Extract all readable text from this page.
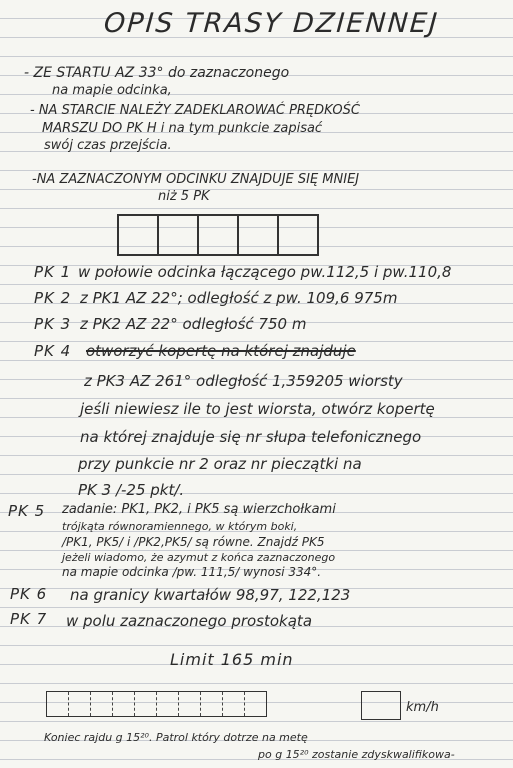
OPIS TRASY DZIENNEJ
- ZE STARTU AZ 33° do zaznaczonego
na mapie odcinka,
- NA STARCIE NALEŻY ZADEKLAROWAĆ PRĘDKOŚĆ
MARSZU DO PK H i na tym punkcie zapisać
swój czas przejścia.
-NA ZAZNACZONYM ODCINKU ZNAJDUJE SIĘ MNIEJ
niż 5 PK
PK 1 w połowie odcinka łączącego pw.112,5 i pw.110,8
PK 2 z PK1 AZ 22°; odległość z pw. 109,6 975m
PK 3 z PK2 AZ 22° odległość 750 m
PK 4 otworzyć kopertę na której znajduje
z PK3 AZ 261° odległość 1,359205 wiorsty
jeśli niewiesz ile to jest wiorsta, otwórz kopertę
na której znajduje się nr słupa telefonicznego
przy punkcie nr 2 oraz nr pieczątki na
PK 3 /-25 pkt/.
PK 5 zadanie: PK1, PK2, i PK5 są wierzchołkami
trójkąta równoramiennego, w którym boki,
/PK1, PK5/ i /PK2,PK5/ są równe. Znajdź PK5
jeżeli wiadomo, że azymut z końca zaznaczonego
na mapie odcinka /pw. 111,5/ wynosi 334°.
PK 6 na granicy kwartałów 98,97, 122,123
PK 7 w polu zaznaczonego prostokąta
Limit 165 min
km/h
Koniec rajdu g 15²⁰. Patrol który dotrze na metę
po g 15²⁰ zostanie zdyskwalifikowa-
